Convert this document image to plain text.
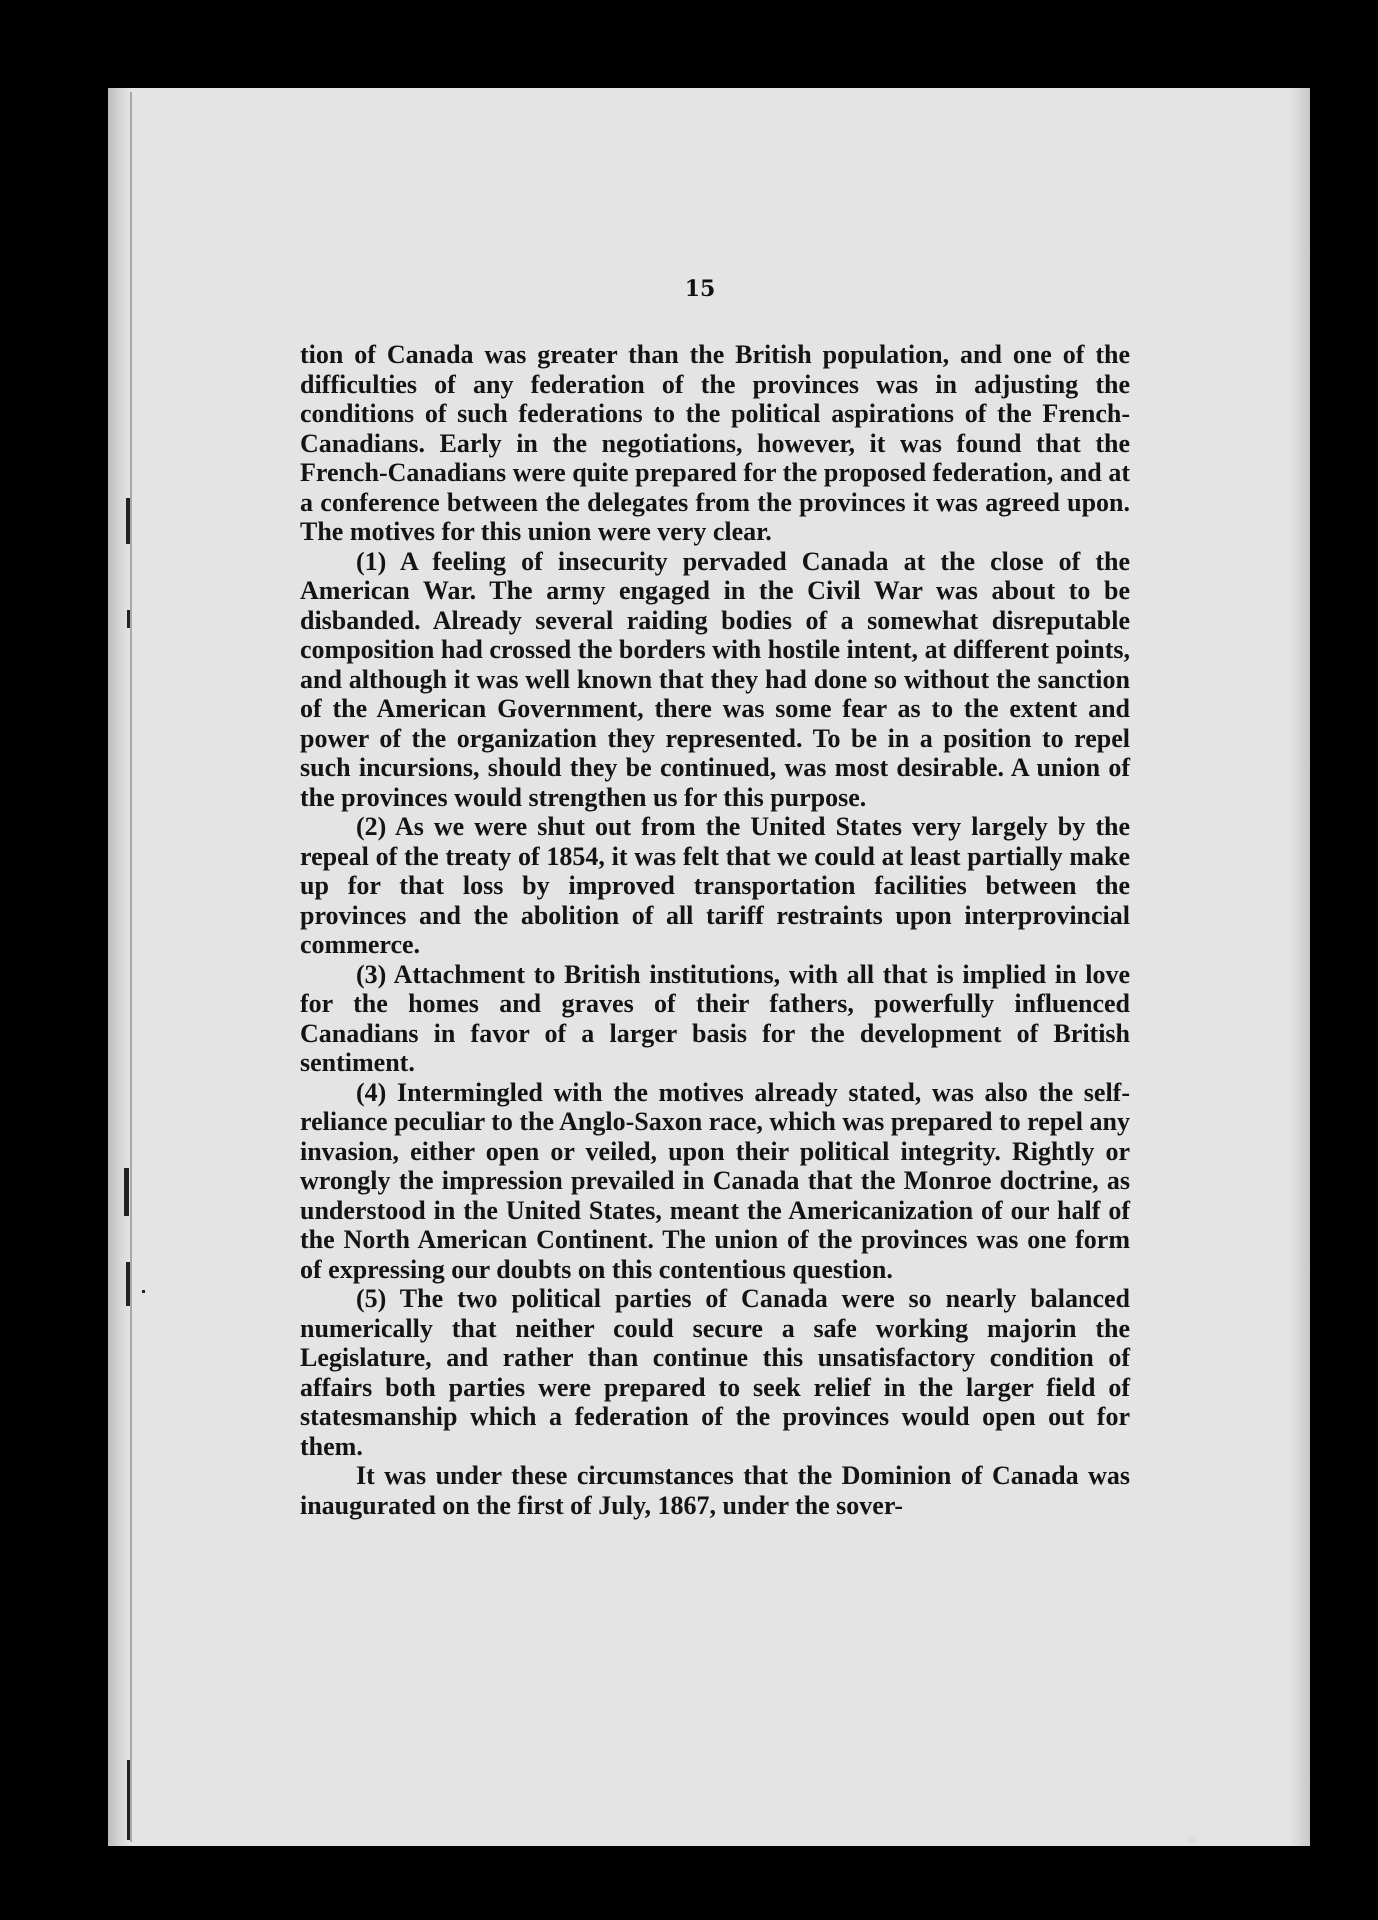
15

tion of Canada was greater than the British population, and one of the difficulties of any federation of the provinces was in adjusting the conditions of such federations to the political aspirations of the French-Canadians. Early in the negotiations, however, it was found that the French-Canadians were quite prepared for the proposed federation, and at a conference between the delegates from the provinces it was agreed upon. The motives for this union were very clear.

(1) A feeling of insecurity pervaded Canada at the close of the American War. The army engaged in the Civil War was about to be disbanded. Already several raiding bodies of a somewhat disreputable composition had crossed the borders with hostile intent, at different points, and although it was well known that they had done so without the sanction of the American Government, there was some fear as to the extent and power of the organization they represented. To be in a position to repel such incursions, should they be continued, was most desirable. A union of the provinces would strengthen us for this purpose.

(2) As we were shut out from the United States very largely by the repeal of the treaty of 1854, it was felt that we could at least partially make up for that loss by improved transportation facilities between the provinces and the abolition of all tariff restraints upon interprovincial commerce.

(3) Attachment to British institutions, with all that is implied in love for the homes and graves of their fathers, powerfully influenced Canadians in favor of a larger basis for the development of British sentiment.

(4) Intermingled with the motives already stated, was also the self-reliance peculiar to the Anglo-Saxon race, which was prepared to repel any invasion, either open or veiled, upon their political integrity. Rightly or wrongly the impression prevailed in Canada that the Monroe doctrine, as understood in the United States, meant the Americanization of our half of the North American Continent. The union of the provinces was one form of expressing our doubts on this contentious question.

(5) The two political parties of Canada were so nearly balanced numerically that neither could secure a safe working majorin the Legislature, and rather than continue this unsatisfactory condition of affairs both parties were prepared to seek relief in the larger field of statesmanship which a federation of the provinces would open out for them.

It was under these circumstances that the Dominion of Canada was inaugurated on the first of July, 1867, under the sover-
